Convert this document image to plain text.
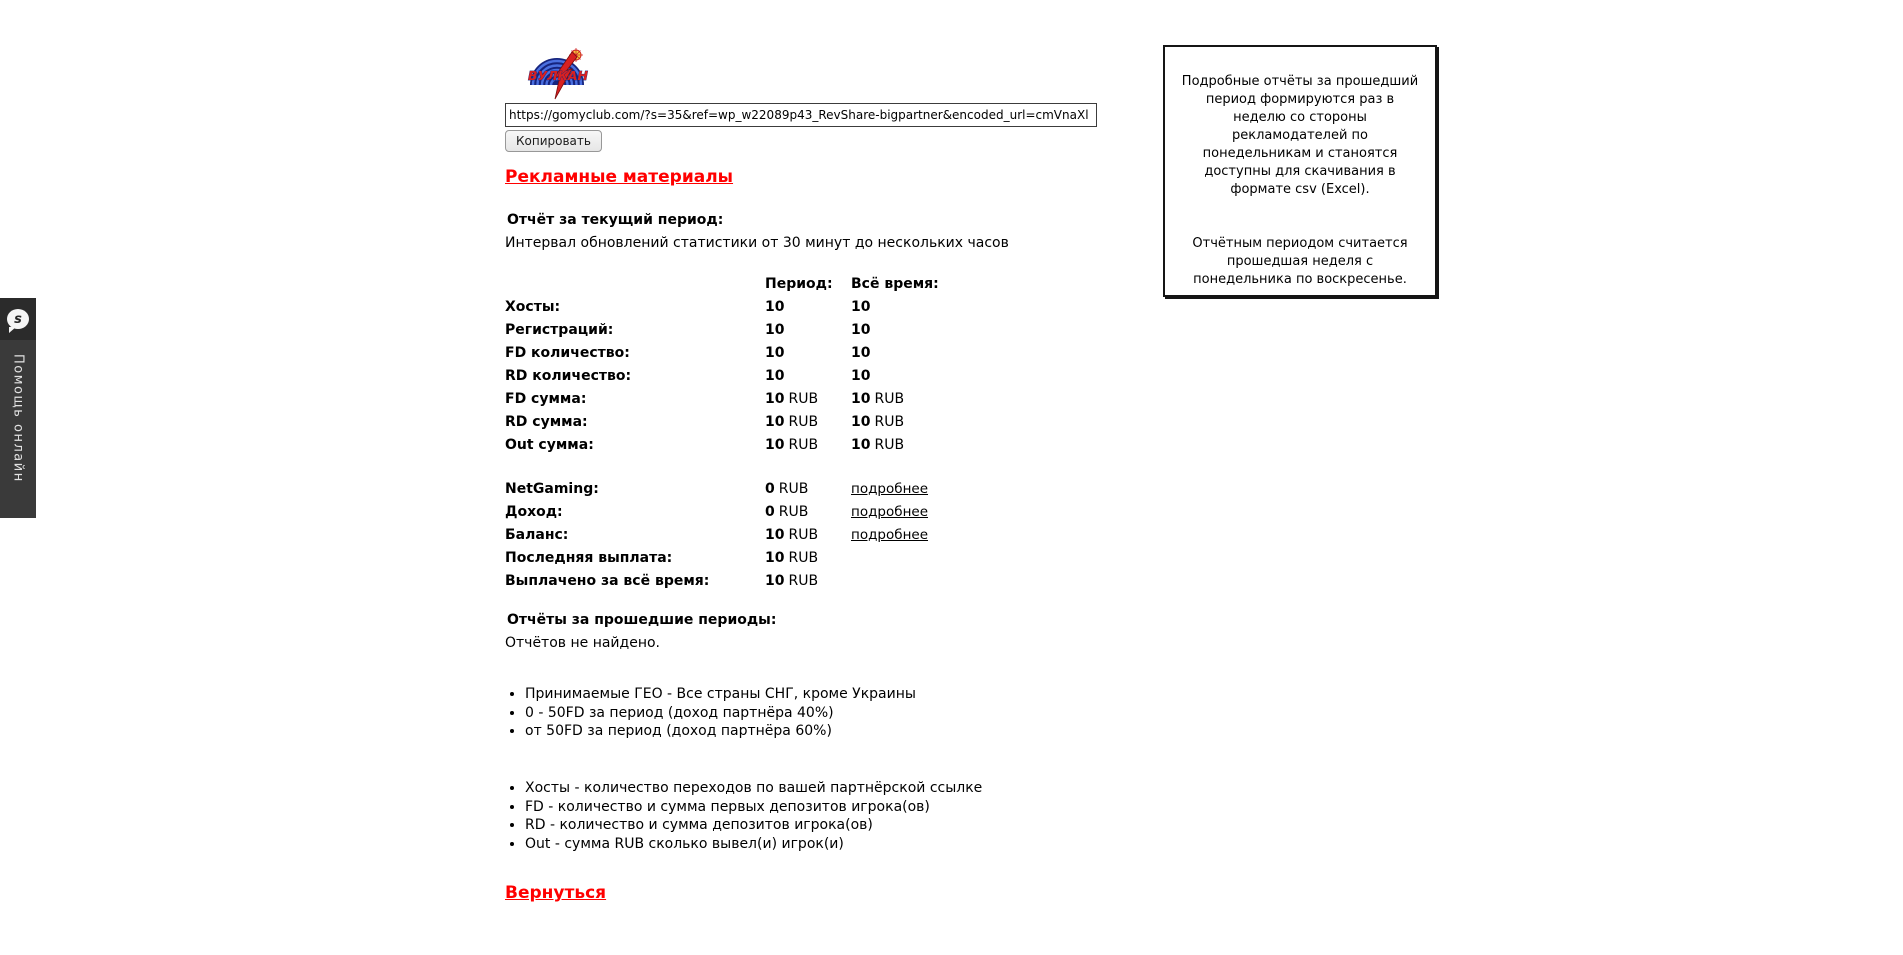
s
Помощь онлайн
ВУЛКАН
https://gomyclub.com/?s=35&ref=wp_w22089p43_RevShare-bigpartner&encoded_url=cmVnaXl
Копировать
Рекламные материалы
Отчёт за текущий период:
Интервал обновлений статистики от 30 минут до нескольких часов
Период:	Всё время:
Хосты:	10	10
Регистраций:	10	10
FD количество:	10	10
RD количество:	10	10
FD сумма:	10 RUB	10 RUB
RD сумма:	10 RUB	10 RUB
Out сумма:	10 RUB	10 RUB
NetGaming:	0 RUB	подробнее
Доход:	0 RUB	подробнее
Баланс:	10 RUB	подробнее
Последняя выплата:	10 RUB
Выплачено за всё время:	10 RUB
Отчёты за прошедшие периоды:
Отчётов не найдено.
• Принимаемые ГЕО - Все страны СНГ, кроме Украины
• 0 - 50FD за период (доход партнёра 40%)
• от 50FD за период (доход партнёра 60%)
• Хосты - количество переходов по вашей партнёрской ссылке
• FD - количество и сумма первых депозитов игрока(ов)
• RD - количество и сумма депозитов игрока(ов)
• Out - сумма RUB сколько вывел(и) игрок(и)
Вернуться

Подробные отчёты за прошедший период формируются раз в неделю со стороны рекламодателей по понедельникам и станоятся доступны для скачивания в формате csv (Excel).

Отчётным периодом считается прошедшая неделя с понедельника по воскресенье.
